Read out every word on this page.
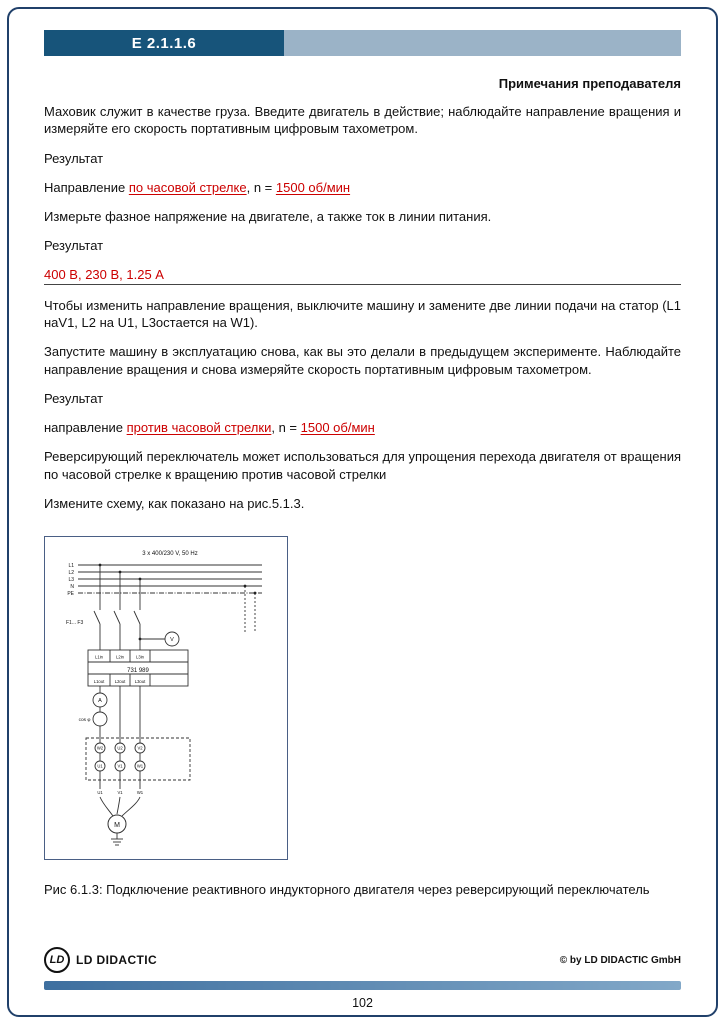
E 2.1.1.6
Примечания преподавателя

Маховик служит в качестве груза. Введите двигатель в действие; наблюдайте направление вращения и измеряйте его скорость портативным цифровым тахометром.

Результат

Направление по часовой стрелке, n = 1500 об/мин

Измерьте фазное напряжение на двигателе, а также ток в линии питания.

Результат

400 В, 230 В, 1.25 А

Чтобы изменить направление вращения, выключите машину и замените две линии подачи на статор (L1 наV1, L2 на U1, L3остается на W1).

Запустите машину в эксплуатацию снова, как вы это делали в предыдущем эксперименте. Наблюдайте направление вращения и снова измеряйте скорость портативным цифровым тахометром.

Результат

направление против часовой стрелки, n = 1500 об/мин

Реверсирующий переключатель может использоваться для упрощения перехода двигателя от вращения по часовой стрелке к вращению против часовой стрелки

Измените схему, как показано на рис.5.1.3.

3 x 400/230 V, 50 Hz
L1
L2
L3
N
PE
F1... F3
V
L1in	L2in	L3in
731 989
L1out	L2out L3out
A
cos φ
W2	U2	V2
U1	V1	W1
U1	V1	W1
M

Рис 6.1.3: Подключение реактивного индукторного двигателя через реверсирующий переключатель

LD LD DIDACTIC	© by LD DIDACTIC GmbH
102
